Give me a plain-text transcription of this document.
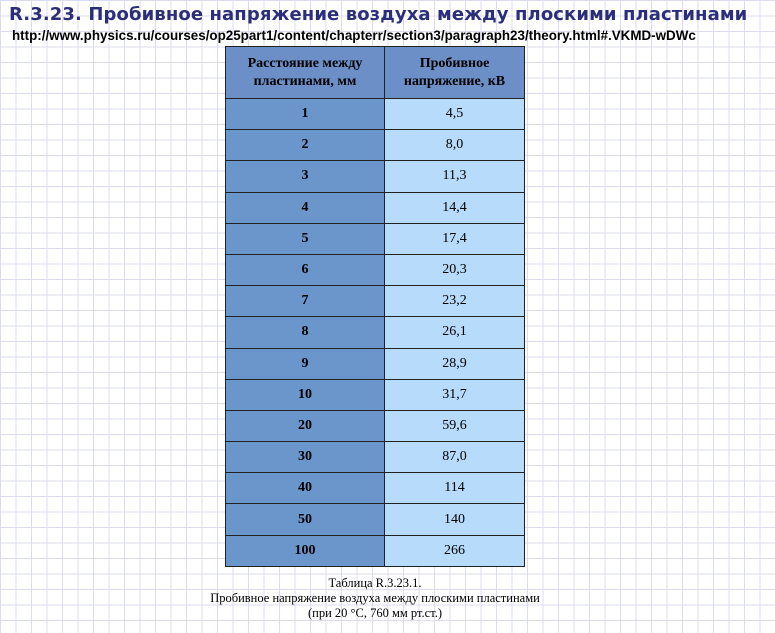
R.3.23. Пробивное напряжение воздуха между плоскими пластинами
http://www.physics.ru/courses/op25part1/content/chapterr/section3/paragraph23/theory.html#.VKMD-wDWc
Расстояние между пластинами, мм	Пробивное напряжение, кВ
1	4,5
2	8,0
3	11,3
4	14,4
5	17,4
6	20,3
7	23,2
8	26,1
9	28,9
10	31,7
20	59,6
30	87,0
40	114
50	140
100	266
Таблица R.3.23.1.
Пробивное напряжение воздуха между плоскими пластинами (при 20 °C, 760 мм рт.ст.)
